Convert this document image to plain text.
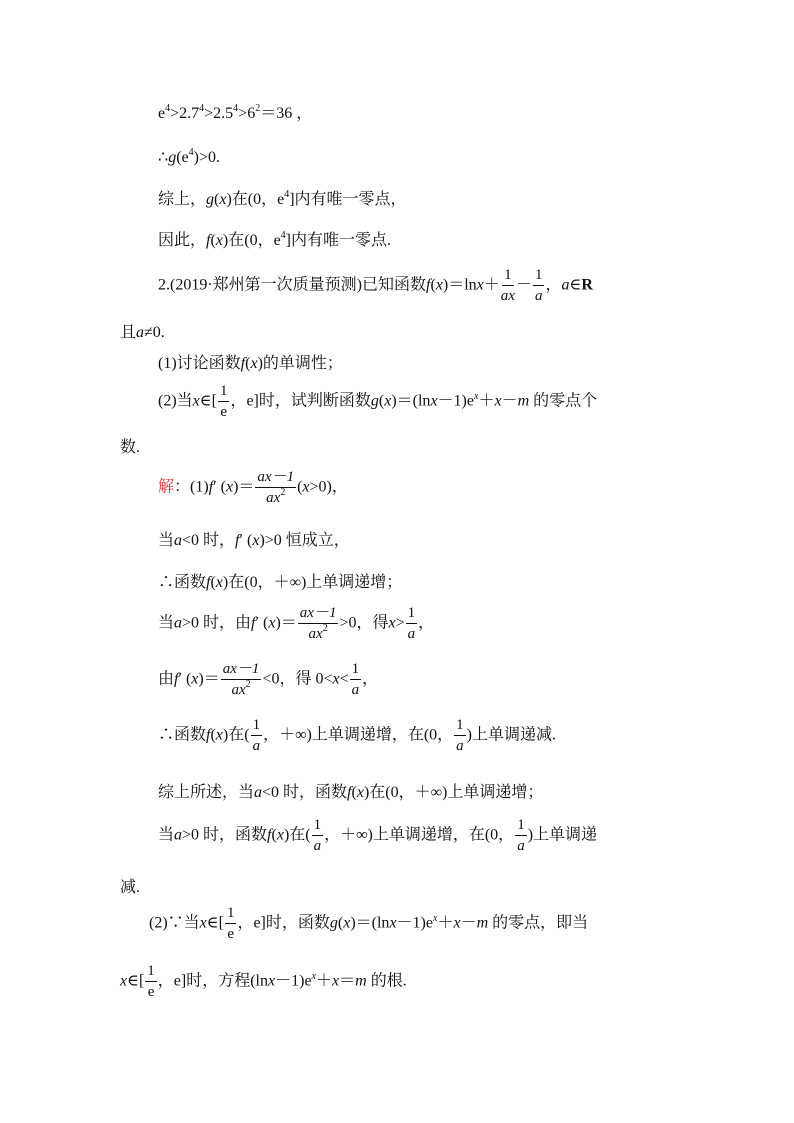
$e^4>2.7^4>2.5^4>6^2=36$ ，
$\therefore g(e^4)>0$.
综上，g(x)在(0，$e^4$]内有唯一零点，
因此，f(x)在(0，$e^4$]内有唯一零点.
2.(2019·郑州第一次质量预测)已知函数$f(x)=\ln x+ \frac{1}{ax} - \frac{1}{a}$ ，a∈R
且a≠0.
(1)讨论函数f(x)的单调性；
(2)当x∈[ $\frac{1}{e}$ ，e]时，试判断函数$g(x)=(\ln x-1)e^x+x-m$ 的零点个
数.
解：(1)f′ $(x)= \frac{ax-1}{ax^2} (x>0)$，
当a<0 时，f′ (x)>0 恒成立，
∴函数f(x)在(0，＋∞)上单调递增；
当a>0 时，由f′ $(x)= \frac{ax-1}{ax^2} >0$，得$x> \frac{1}{a}$ ，
由f′ $(x)= \frac{ax-1}{ax^2} <0$，得 $0<x< \frac{1}{a}$ ，
∴函数f(x)在( $\frac{1}{a}$ ，＋∞)上单调递增，在(0， $\frac{1}{a}$ )上单调递减.
综上所述，当a<0 时，函数f(x)在(0，＋∞)上单调递增；
当a>0 时，函数f(x)在( $\frac{1}{a}$ ，＋∞)上单调递增，在(0， $\frac{1}{a}$ )上单调递
减.
(2)∵当x∈[ $\frac{1}{e}$ ，e]时，函数$g(x)=(\ln x-1)e^x+x-m$ 的零点，即当
x∈[ $\frac{1}{e}$ ，e]时，方程$(\ln x-1)e^x+x=m$ 的根.
